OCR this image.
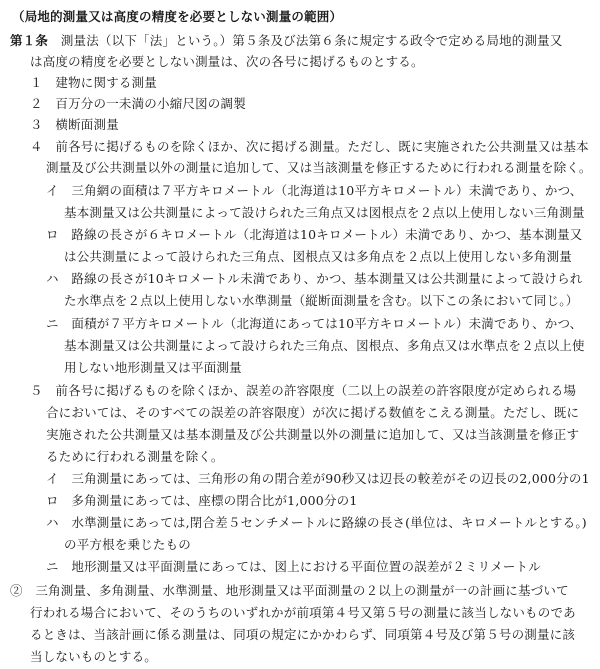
（局地的測量又は高度の精度を必要としない測量の範囲）
第１条　 測量法（以下「法」という。）第５条及び法第６条に規定する政令で定める局地的測量又
は高度の精度を必要としない測量は、次の各号に掲げるものとする。
１　建物に関する測量
２　百万分の一未満の小縮尺図の調製
３　横断面測量
４　前各号に掲げるものを除くほか、次に掲げる測量。ただし、既に実施された公共測量又は基本
測量及び公共測量以外の測量に追加して、又は当該測量を修正するために行われる測量を除く。
イ　三角網の面積は７平方キロメートル（北海道は10平方キロメートル）未満であり、かつ、
基本測量又は公共測量によって設けられた三角点又は図根点を２点以上使用しない三角測量
ロ　路線の長さが６キロメートル（北海道は10キロメートル）未満であり、かつ、基本測量又
は公共測量によって設けられた三角点、図根点又は多角点を２点以上使用しない多角測量
ハ　路線の長さが10キロメートル未満であり、かつ、基本測量又は公共測量によって設けられ
た水準点を２点以上使用しない水準測量（縦断面測量を含む。以下この条において同じ。）
ニ　面積が７平方キロメートル（北海道にあっては10平方キロメートル）未満であり、かつ、
基本測量又は公共測量によって設けられた三角点、図根点、多角点又は水準点を２点以上使
用しない地形測量又は平面測量
５　前各号に掲げるものを除くほか、誤差の許容限度（二以上の誤差の許容限度が定められる場
合においては、そのすべての誤差の許容限度）が次に掲げる数値をこえる測量。ただし、既に
実施された公共測量又は基本測量及び公共測量以外の測量に追加して、又は当該測量を修正す
るために行われる測量を除く。
イ　三角測量にあっては、三角形の角の閉合差が90秒又は辺長の較差がその辺長の2,000分の1
ロ　多角測量にあっては、座標の閉合比が1,000分の1
ハ　水準測量にあっては,閉合差５センチメートルに路線の長さ(単位は、キロメートルとする。)
の平方根を乗じたもの
ニ　地形測量又は平面測量にあっては、図上における平面位置の誤差が２ミリメートル
②　三角測量、多角測量、水準測量、地形測量又は平面測量の２以上の測量が一の計画に基づいて
行われる場合において、そのうちのいずれかが前項第４号又第５号の測量に該当しないものであ
るときは、当該計画に係る測量は、同項の規定にかかわらず、同項第４号及び第５号の測量に該
当しないものとする。
